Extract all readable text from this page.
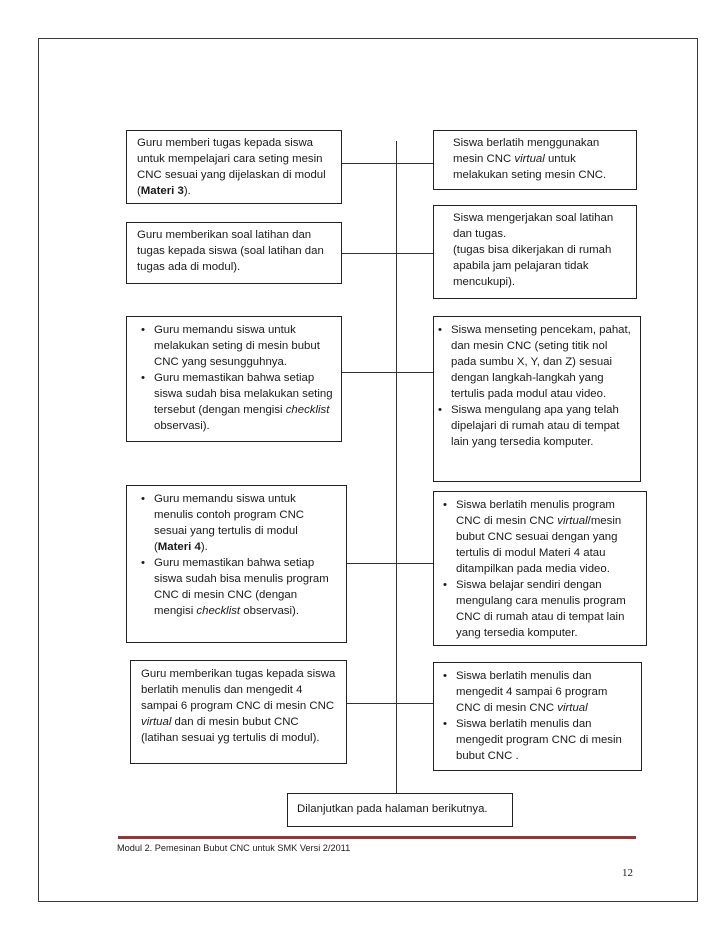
Guru memberi tugas kepada siswa

untuk mempelajari cara seting mesin

CNC sesuai yang dijelaskan di modul

(Materi 3).

Guru memberikan soal latihan dan

tugas kepada siswa (soal latihan dan

tugas ada di modul).

• Guru memandu siswa untuk melakukan seting di mesin bubut CNC yang sesungguhnya.
• Guru memastikan bahwa setiap siswa sudah bisa melakukan seting tersebut (dengan mengisi checklist observasi).
• Guru memandu siswa untuk menulis contoh program CNC sesuai yang tertulis di modul (Materi 4).
• Guru memastikan bahwa setiap siswa sudah bisa menulis program CNC di mesin CNC (dengan mengisi checklist observasi).

Guru memberikan tugas kepada siswa berlatih menulis dan mengedit 4 sampai 6 program CNC di mesin CNC virtual dan di mesin bubut CNC (latihan sesuai yg tertulis di modul).

Siswa berlatih menggunakan

mesin CNC virtual untuk

melakukan seting mesin CNC.

Siswa mengerjakan soal latihan

dan tugas.

(tugas bisa dikerjakan di rumah

apabila jam pelajaran tidak

mencukupi).

• Siswa menseting pencekam, pahat, dan mesin CNC (seting titik nol pada sumbu X, Y, dan Z) sesuai dengan langkah-langkah yang tertulis pada modul atau video.
• Siswa mengulang apa yang telah dipelajari di rumah atau di tempat lain yang tersedia komputer.
• Siswa berlatih menulis program CNC di mesin CNC virtual/mesin bubut CNC sesuai dengan yang tertulis di modul Materi 4 atau ditampilkan pada media video.
• Siswa belajar sendiri dengan mengulang cara menulis program CNC di rumah atau di tempat lain yang tersedia komputer.
• Siswa berlatih menulis dan mengedit 4 sampai 6 program CNC di mesin CNC virtual
• Siswa berlatih menulis dan mengedit program CNC di mesin bubut CNC .

Dilanjutkan pada halaman berikutnya.

Modul 2. Pemesinan Bubut CNC untuk SMK Versi 2/2011
12
